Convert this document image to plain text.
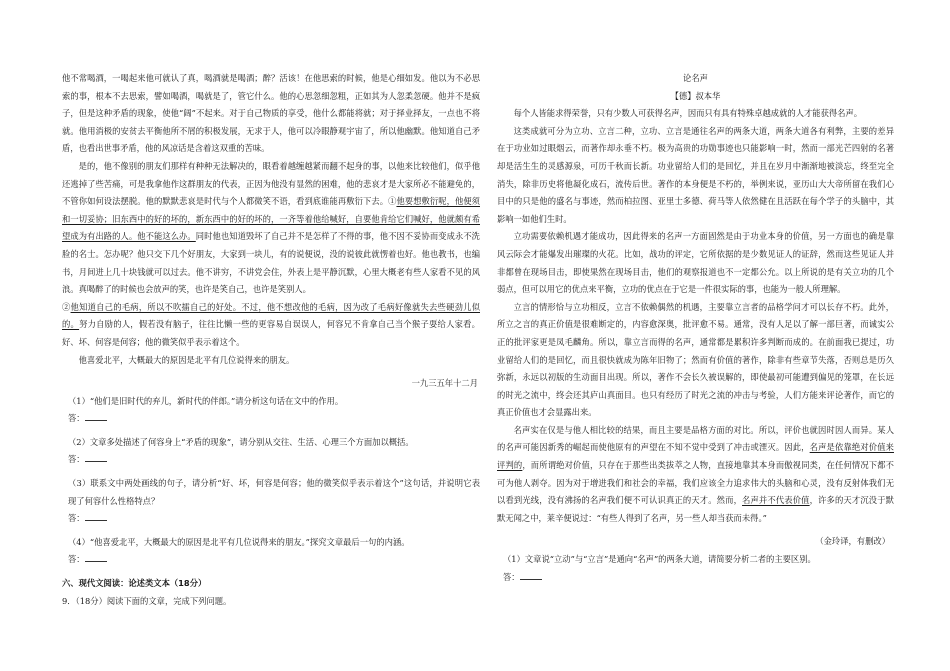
他不常喝酒，一喝起来他可就认了真，喝酒就是喝酒；醉？活该！在他思索的时候，他是心细如发。他以为不必思索的事，根本不去思索，譬如喝酒，喝就是了，管它什么。他的心思忽细忽粗，正如其为人忽柔忽硬。他并不是疯子，但是这种矛盾的现象，使他“阔”不起来。对于自己物质的享受，他什么都能将就；对于择业择友，一点也不将就。他用消极的安贫去平衡他所不屑的积极发展，无求于人，他可以冷眼静观宇宙了，所以他幽默。他知道自己矛盾，也看出世事矛盾，他的风凉话是含着这双重的苦味。

是的，他不像别的朋友们那样有种种无法解决的，眼看着越缠越紧而翻不起身的事，以他来比较他们，似乎他还逃掉了些苦痛，可是我拿他作这群朋友的代表，正因为他没有显然的困难，他的悲哀才是大家所必不能避免的，不管你如何设法摆脱。他的默默悲哀是时代与个人都微笑不语，看到底谁能再敷衍下去。①他要想敷衍呢，他便须和一切妥协；旧东西中的好的坏的，新东西中的好的坏的，一齐等着他给喊好，自要他肯给它们喊好，他就颇有希望成为有出路的人。他不能这么办。同时他也知道毁坏了自己并不是怎样了不得的事，他不因不妥协而变成永不洗脸的名士。怎办呢？他只交下几个好朋友，大家到一块儿，有的说便说，没的说彼此就愣着也好。他也教书，也编书，月间进上几十块钱就可以过去。他不讲穷，不讲党会住，外表上是平静沉默，心里大概老有些人家看不见的风浪。真喝醉了的时候也会放声的笑，也许是笑自己，也许是笑别人。

②他知道自己的毛病，所以不吹擂自己的好处。不过，他不想改他的毛病，因为改了毛病好像就失去些硬劲儿似的。努力自励的人，假若没有脑子，往往比懒一些的更容易自误误人，何容兄不肯拿自己当个猴子耍给人家看。好、坏、何容是何容；他的微笑似乎表示着这个。

他喜爱北平，大概最大的原因是北平有几位说得来的朋友。

一九三五年十二月

（1）“他们是旧时代的弃儿，新时代的伴郎。”请分析这句话在文中的作用。

答：

（2）文章多处描述了何容身上“矛盾的现象”，请分别从交往、生活、心理三个方面加以概括。

答：

（3）联系文中两处画线的句子，请分析“好、坏，何容是何容；他的微笑似乎表示着这个”这句话，并说明它表现了何容什么性格特点？

答：

（4）“他喜爱北平，大概最大的原因是北平有几位说得来的朋友。”探究文章最后一句的内涵。

答：

六、现代文阅读：论述类文本（18分）

9．（18分）阅读下面的文章，完成下列问题。

论名声

【德】叔本华

每个人皆能求得荣誉，只有少数人可获得名声，因而只有具有特殊卓越成就的人才能获得名声。

这类成就可分为立功、立言二种，立功、立言是通往名声的两条大道，两条大道各有利弊，主要的差异在于功业如过眼烟云，而著作却永垂不朽。极为高贵的功勋事迹也只能影响一时，然而一部光芒四射的名著却是活生生的灵感源泉，可历千秋而长新。功业留给人们的是回忆，并且在岁月中渐渐地被淡忘，终至完全消失，除非历史将他凝化成石，流传后世。著作的本身便是不朽的，举例来说，亚历山大大帝所留在我们心目中的只是他的盛名与事迹，然而柏拉图、亚里士多德、荷马等人依然健在且活跃在每个学子的头脑中，其影响一如他们生时。

立功需要依赖机遇才能成功，因此得来的名声一方面固然是由于功业本身的价值，另一方面也的确是靠风云际会才能爆发出璀璨的火花。比如，战功的评定，它所依据的是少数见证人的证辞，然而这些见证人并非都曾在现场目击，即使果然在现场目击，他们的观察报道也不一定都公允。以上所说的是有关立功的几个弱点，但可以用它的优点来平衡，立功的优点在于它是一件很实际的事，也能为一般人所理解。

立言的情形恰与立功相反，立言不依赖偶然的机遇，主要靠立言者的品格学问才可以长存不朽。此外，所立之言的真正价值是很难断定的，内容愈深奥，批评愈不易。通常，没有人足以了解一部巨著，而诚实公正的批评家更是凤毛麟角。所以，靠立言而得的名声，通常都是累积许多判断而成的。在前面我已提过，功业留给人们的是回忆，而且很快就成为陈年旧物了；然而有价值的著作，除非有些章节失落，否则总是历久弥新，永远以初版的生动面目出现。所以，著作不会长久被误解的，即使最初可能遭到偏见的笼罩，在长远的时光之流中，终会还其庐山真面目。也只有经历了时光之流的冲击与考验，人们方能来评论著作，而它的真正价值也才会显露出来。

名声实在仅是与他人相比较的结果，而且主要是品格方面的对比。所以，评价也就因时因人而异。某人的名声可能因新秀的崛起而使他原有的声望在不知不觉中受到了冲击或湮灭。因此，名声是依靠绝对价值来评判的，而所谓绝对价值，只存在于那些出类拔萃之人物，直接地靠其本身而傲视同类，在任何情况下都不可为他人剥夺。因为对于增进我们和社会的幸福，我们应该全力追求伟大的头脑和心灵，没有反射体我们无以看到光线，没有沸扬的名声我们便不可认识真正的天才。然而，名声并不代表价值，许多的天才沉没于默默无闻之中，莱辛便说过：“有些人得到了名声，另一些人却当获而未得。”

（金玲译，有删改）

（1）文章说“立动”与“立言”是通向“名声”的两条大道，请简要分析二者的主要区别。

答：
